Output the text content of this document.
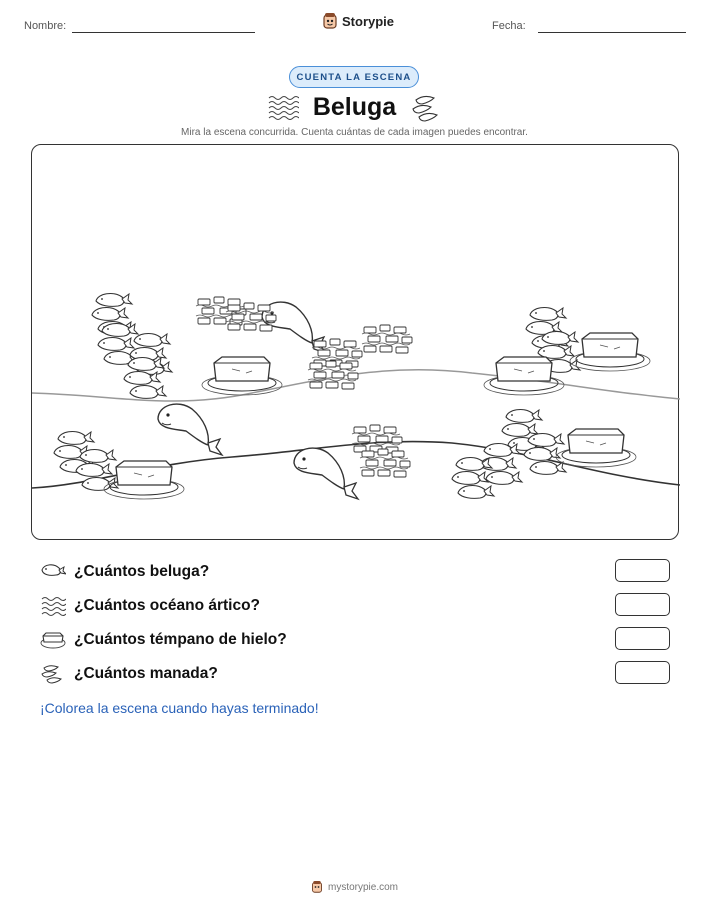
Nombre:	Storypie	Fecha:
CUENTA LA ESCENA
Beluga
Mira la escena concurrida. Cuenta cuántas de cada imagen puedes encontrar.
¿Cuántos beluga?
¿Cuántos océano ártico?
¿Cuántos témpano de hielo?
¿Cuántos manada?
¡Colorea la escena cuando hayas terminado!
mystorypie.com
